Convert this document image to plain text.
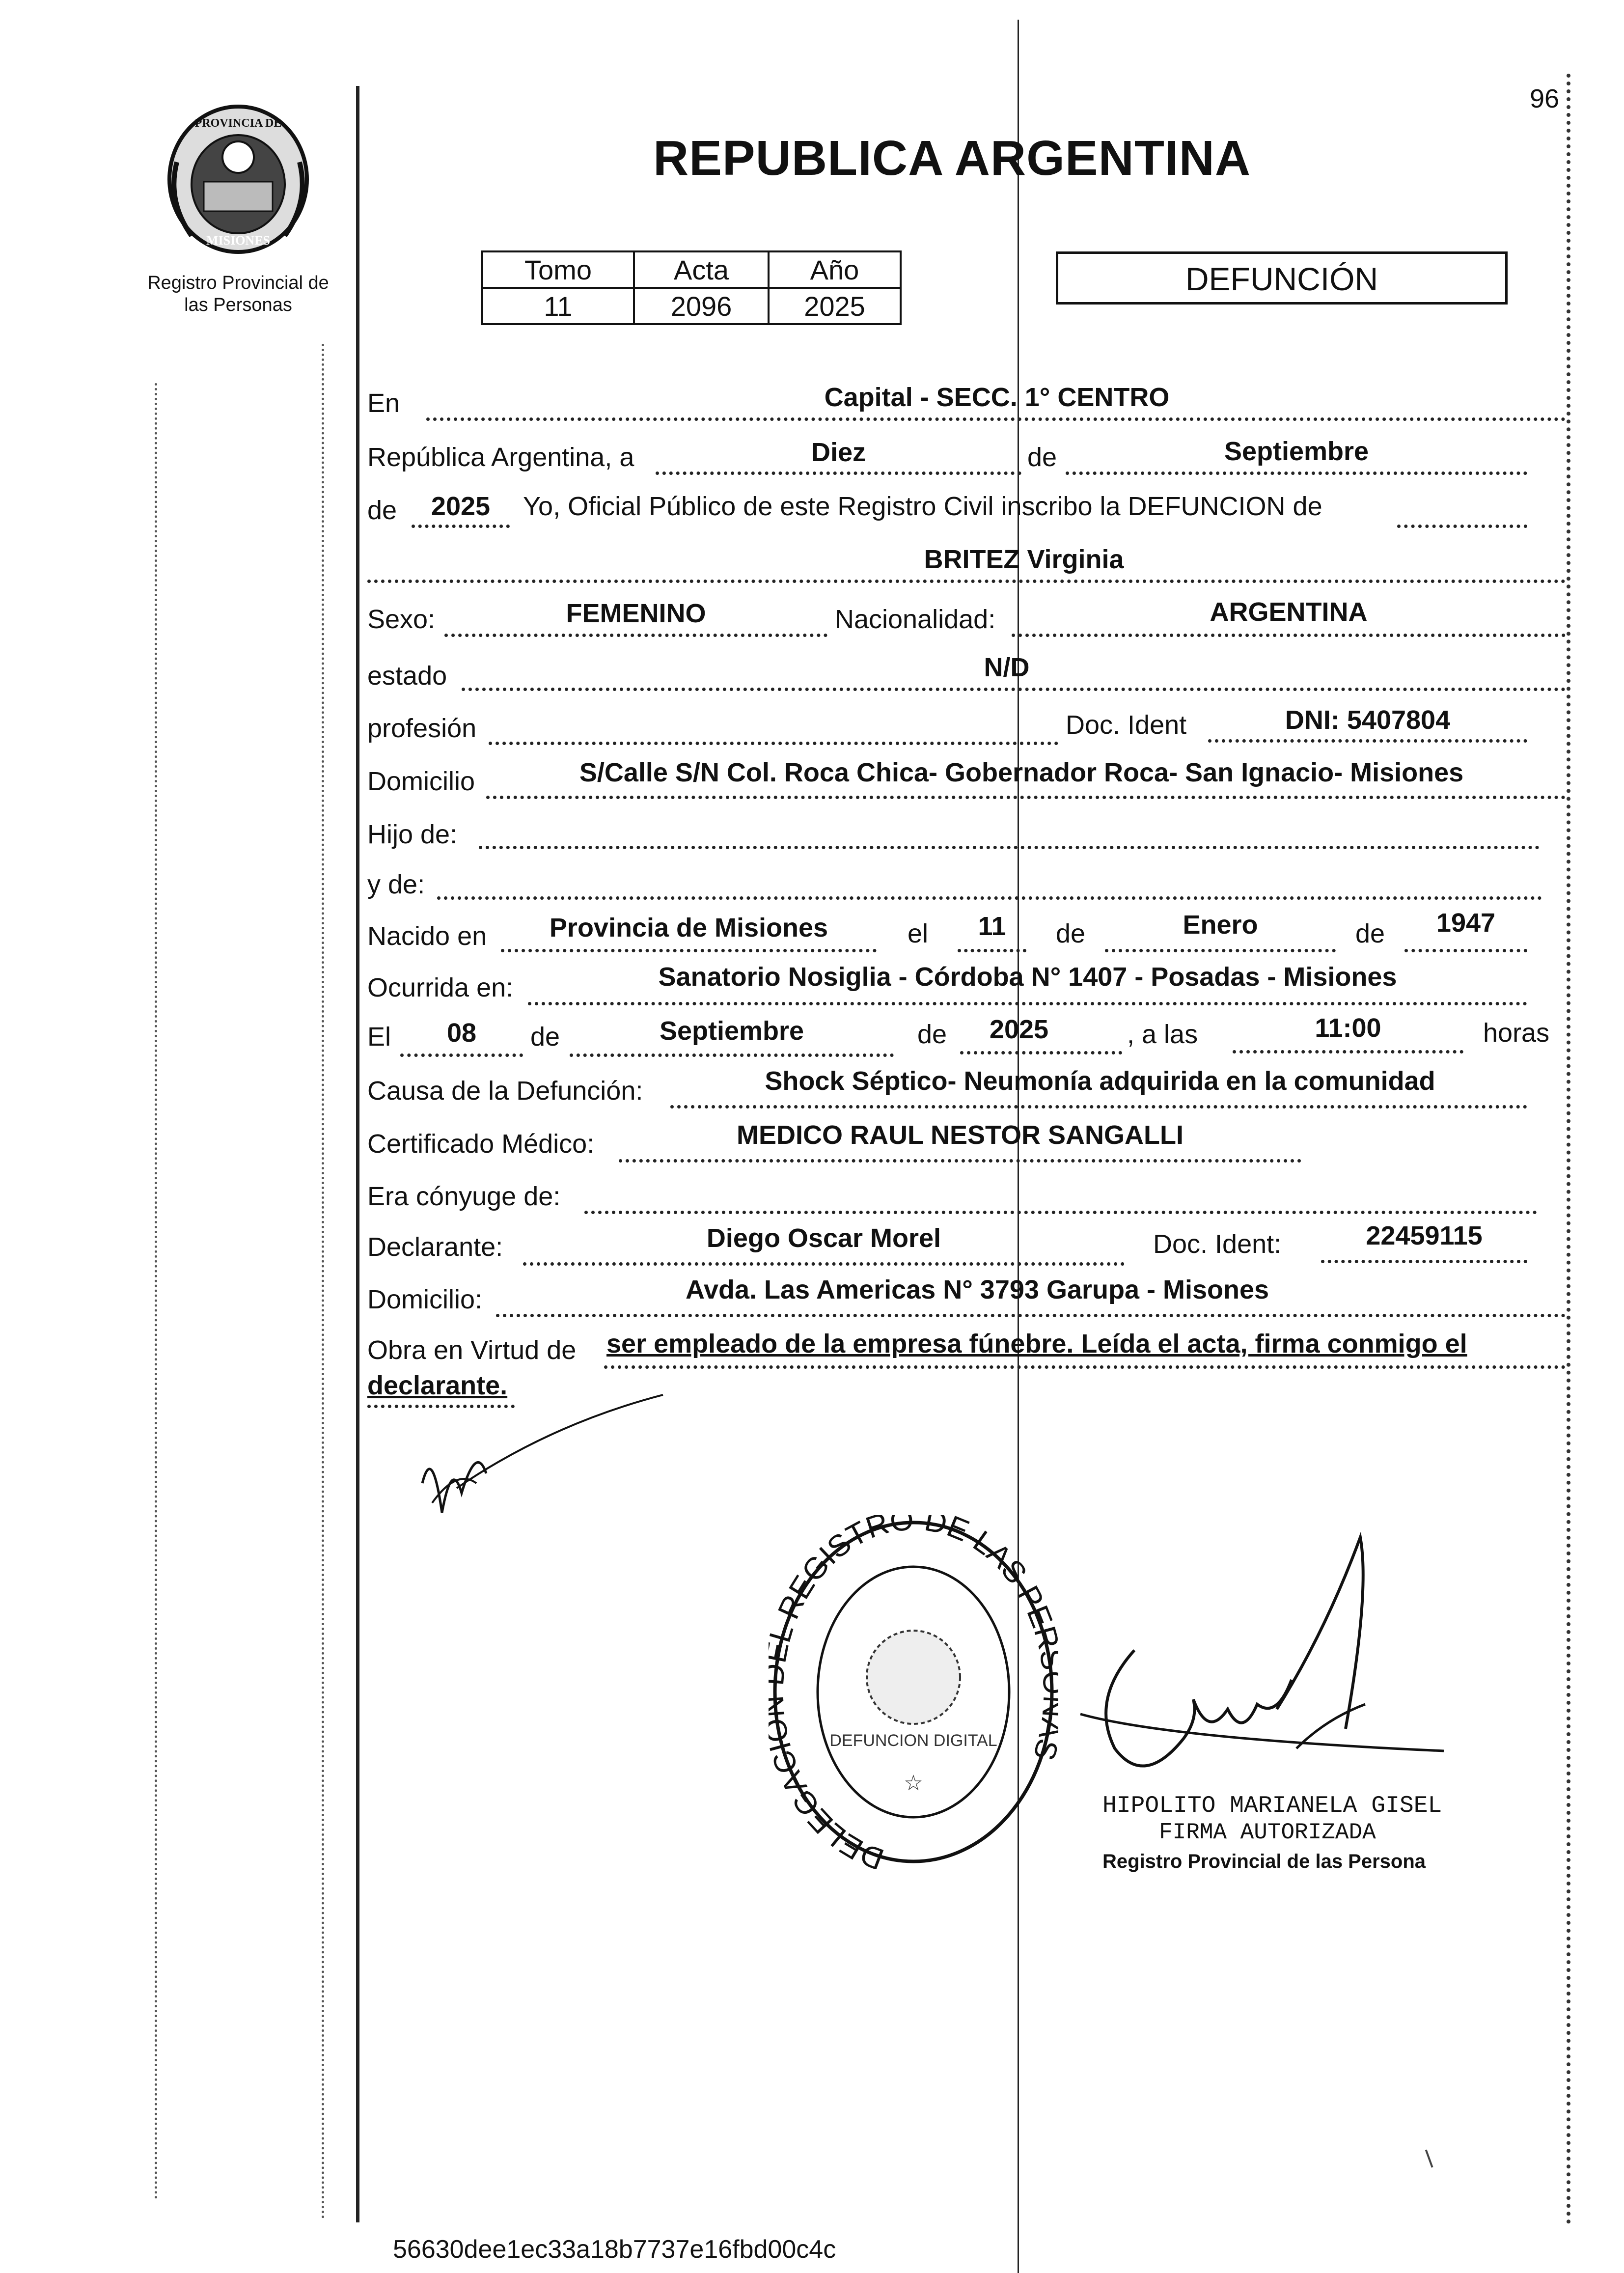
96
PROVINCIA DE
MISIONES
Registro Provincial de
las Personas
REPUBLICA ARGENTINA
Tomo	Acta	Año
11	2096	2025
DEFUNCIÓN
En	Capital - SECC. 1° CENTRO
República Argentina, a	Diez	de	Septiembre
de	2025	Yo, Oficial Público de este Registro Civil inscribo la DEFUNCION de
BRITEZ Virginia
Sexo:	FEMENINO	Nacionalidad:	ARGENTINA
estado	N/D
profesión	Doc. Ident	DNI: 5407804
Domicilio	S/Calle S/N Col. Roca Chica- Gobernador Roca- San Ignacio- Misiones
Hijo de:
y de:
Nacido en	Provincia de Misiones	el	11	de	Enero	de	1947
Ocurrida en:	Sanatorio Nosiglia - Córdoba N° 1407 - Posadas - Misiones
El	08	de	Septiembre	de	2025	, a las	11:00	horas
Causa de la Defunción:	Shock Séptico- Neumonía adquirida en la comunidad
Certificado Médico:	MEDICO RAUL NESTOR SANGALLI
Era cónyuge de:
Declarante:	Diego Oscar Morel	Doc. Ident:	22459115
Domicilio:	Avda. Las Americas N° 3793 Garupa - Misones
Obra en Virtud de ser empleado de la empresa fúnebre. Leída el acta, firma conmigo el
declarante.
DELEGAC REGISTRO DE LAS PE
DEFUNCION DIGITAL
☆
HIPOLITO MARIANELA GISEL
FIRMA AUTORIZADA
Registro Provincial de las Persona
56630dee1ec33a18b7737e16fbd00c4c
